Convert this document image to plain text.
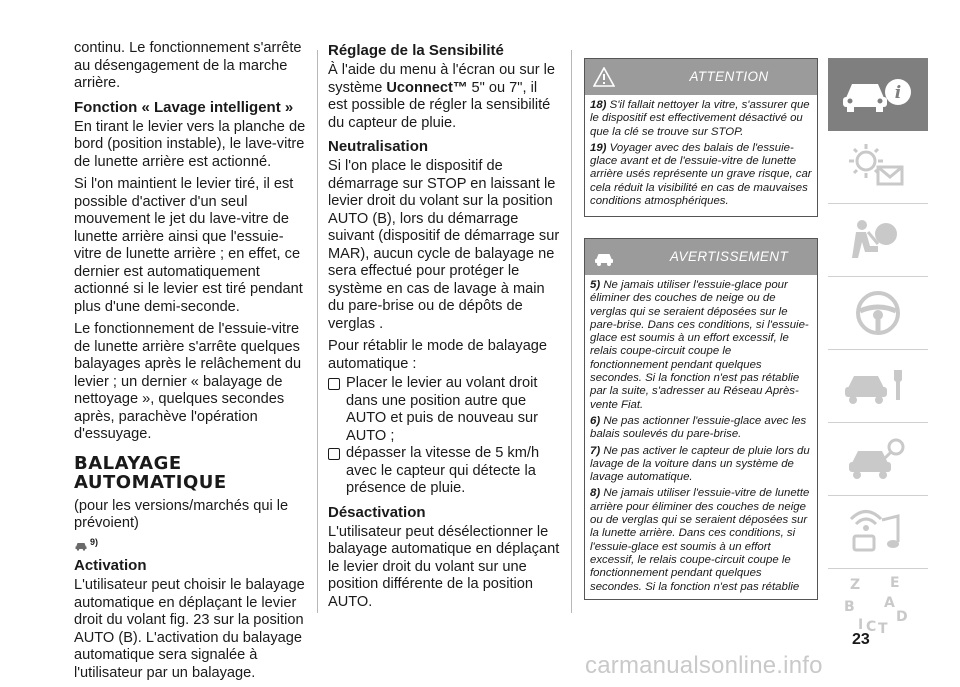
continu. Le fonctionnement s'arrête au désengagement de la marche arrière.

Fonction « Lavage intelligent »

En tirant le levier vers la planche de bord (position instable), le lave-vitre de lunette arrière est actionné.

Si l'on maintient le levier tiré, il est possible d'activer d'un seul mouvement le jet du lave-vitre de lunette arrière ainsi que l'essuie-vitre de lunette arrière ; en effet, ce dernier est automatiquement actionné si le levier est tiré pendant plus d'une demi-seconde.

Le fonctionnement de l'essuie-vitre de lunette arrière s'arrête quelques balayages après le relâchement du levier ; un dernier « balayage de nettoyage », quelques secondes après, parachève l'opération d'essuyage.

BALAYAGE
AUTOMATIQUE

(pour les versions/marchés qui le prévoient)

9)
Activation

L'utilisateur peut choisir le balayage automatique en déplaçant le levier droit du volant fig. 23 sur la position AUTO (B). L'activation du balayage automatique sera signalée à l'utilisateur par un balayage.

Réglage de la Sensibilité

À l'aide du menu à l'écran ou sur le système Uconnect™ 5" ou 7", il est possible de régler la sensibilité du capteur de pluie.

Neutralisation

Si l'on place le dispositif de démarrage sur STOP en laissant le levier droit du volant sur la position AUTO (B), lors du démarrage suivant (dispositif de démarrage sur MAR), aucun cycle de balayage ne sera effectué pour protéger le système en cas de lavage à main du pare-brise ou de dépôts de verglas .

Pour rétablir le mode de balayage automatique :

Placer le levier au volant droit dans une position autre que AUTO et puis de nouveau sur AUTO ;
dépasser la vitesse de 5 km/h avec le capteur qui détecte la présence de pluie.
Désactivation

L'utilisateur peut désélectionner le balayage automatique en déplaçant le levier droit du volant sur une position différente de la position AUTO.

ATTENTION

18) S'il fallait nettoyer la vitre, s'assurer que le dispositif est effectivement désactivé ou que la clé se trouve sur STOP.

19) Voyager avec des balais de l'essuie-glace avant et de l'essuie-vitre de lunette arrière usés représente un grave risque, car cela réduit la visibilité en cas de mauvaises conditions atmosphériques.

AVERTISSEMENT

5) Ne jamais utiliser l'essuie-glace pour éliminer des couches de neige ou de verglas qui se seraient déposées sur le pare-brise. Dans ces conditions, si l'essuie-glace est soumis à un effort excessif, le relais coupe-circuit coupe le fonctionnement pendant quelques secondes. Si la fonction n'est pas rétablie par la suite, s'adresser au Réseau Après-vente Fiat.

6) Ne pas actionner l'essuie-glace avec les balais soulevés du pare-brise.

7) Ne pas activer le capteur de pluie lors du lavage de la voiture dans un système de lavage automatique.

8) Ne jamais utiliser l'essuie-vitre de lunette arrière pour éliminer des couches de neige ou de verglas qui se seraient déposées sur la lunette arrière. Dans ces conditions, si l'essuie-glace est soumis à un effort excessif, le relais coupe-circuit coupe le fonctionnement pendant quelques secondes. Si la fonction n'est pas rétablie

i
Z E
B A
I C T
D
23
carmanualsonline.info
